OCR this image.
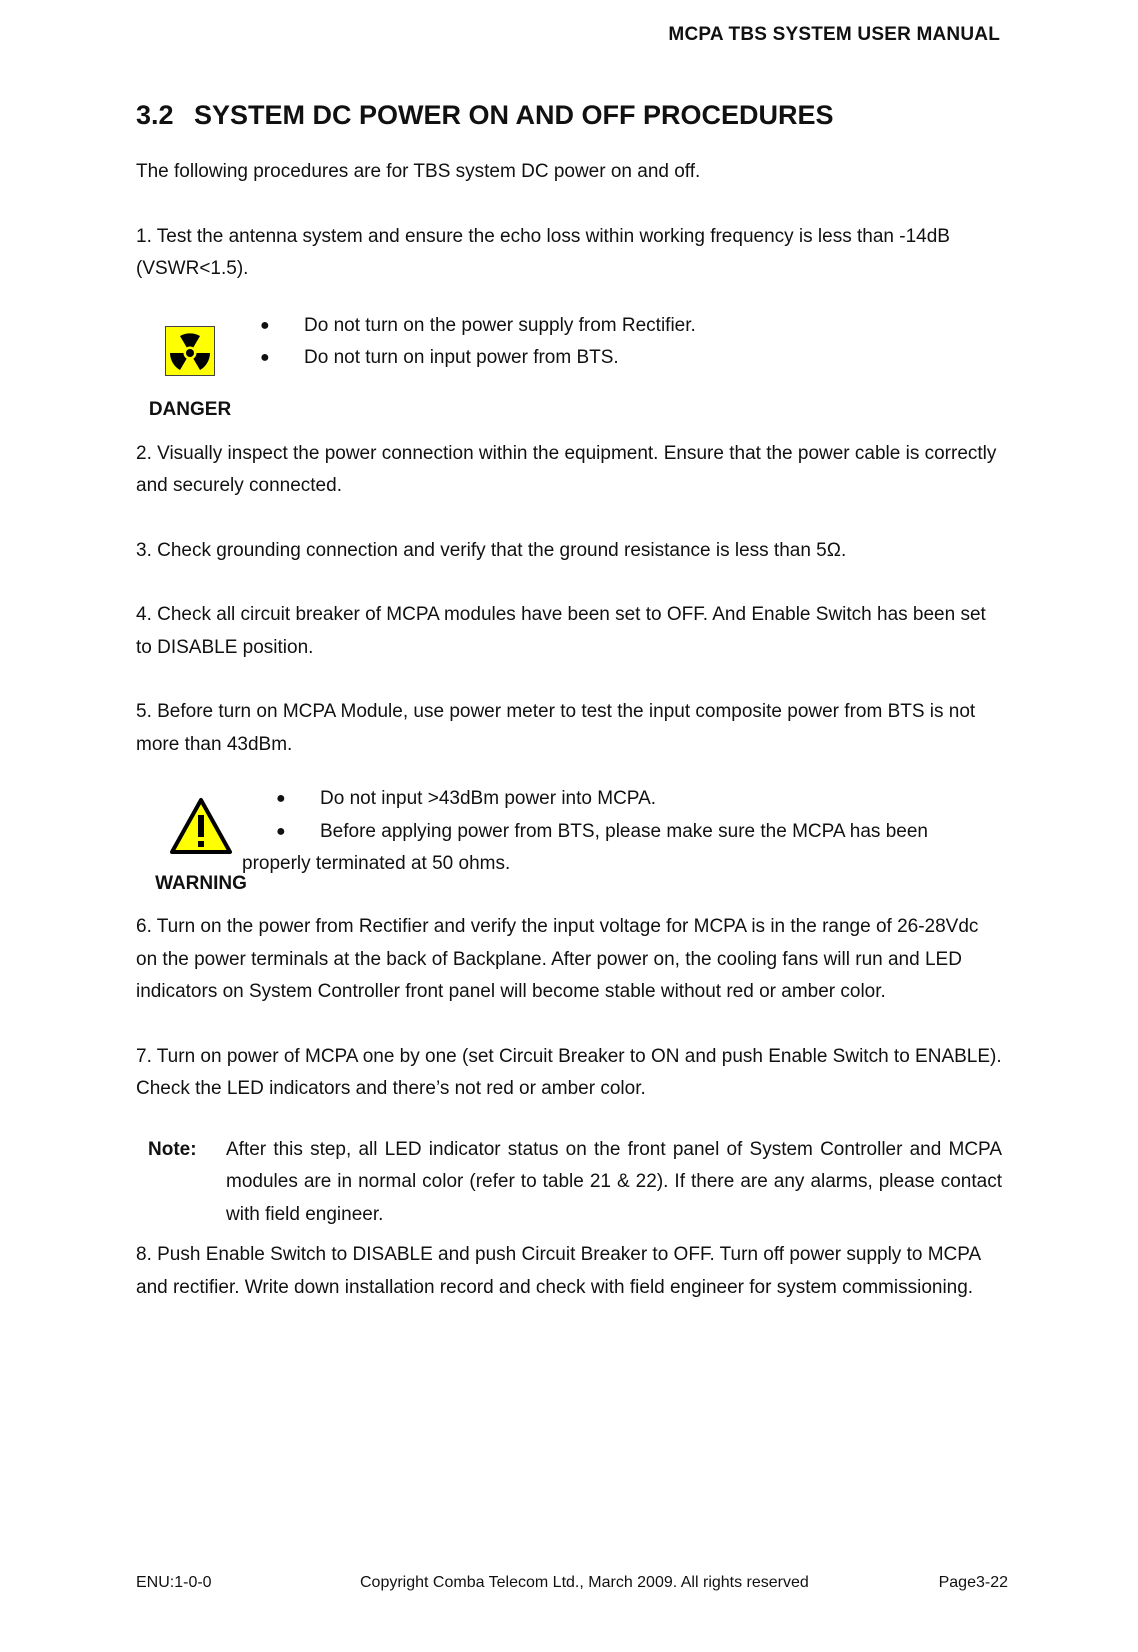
MCPA TBS SYSTEM USER MANUAL
3.2 SYSTEM DC POWER ON AND OFF PROCEDURES

The following procedures are for TBS system DC power on and off.

1. Test the antenna system and ensure the echo loss within working frequency is less than -14dB (VSWR<1.5).

DANGER
● Do not turn on the power supply from Rectifier.
● Do not turn on input power from BTS.

2. Visually inspect the power connection within the equipment. Ensure that the power cable is correctly and securely connected.

3. Check grounding connection and verify that the ground resistance is less than 5Ω.

4. Check all circuit breaker of MCPA modules have been set to OFF. And Enable Switch has been set to DISABLE position.

5. Before turn on MCPA Module, use power meter to test the input composite power from BTS is not more than 43dBm.

WARNING
● Do not input >43dBm power into MCPA.
● Before applying power from BTS, please make sure the MCPA has been
properly terminated at 50 ohms.

6. Turn on the power from Rectifier and verify the input voltage for MCPA is in the range of 26-28Vdc on the power terminals at the back of Backplane. After power on, the cooling fans will run and LED indicators on System Controller front panel will become stable without red or amber color.

7. Turn on power of MCPA one by one (set Circuit Breaker to ON and push Enable Switch to ENABLE). Check the LED indicators and there’s not red or amber color.

Note: After this step, all LED indicator status on the front panel of System Controller and MCPA modules are in normal color (refer to table 21 & 22). If there are any alarms, please contact with field engineer.

8. Push Enable Switch to DISABLE and push Circuit Breaker to OFF. Turn off power supply to MCPA and rectifier. Write down installation record and check with field engineer for system commissioning.

ENU:1-0-0	Copyright Comba Telecom Ltd., March 2009. All rights reserved	Page3-22
